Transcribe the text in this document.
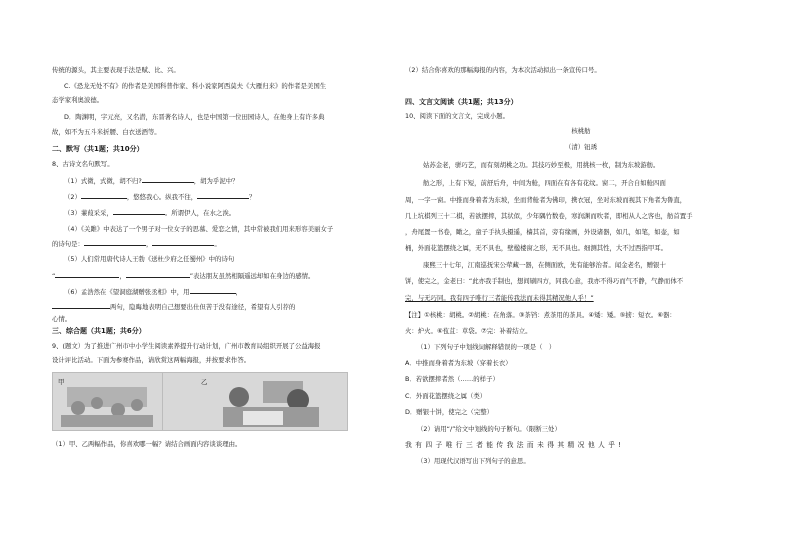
传统的源头，其主要表现手法是赋、比、兴。
C.《恐龙无处不有》的作者是美国科普作家、科小说家阿西莫夫《大雁归来》的作者是美国生
态学家利奥波德。
D．陶渊明，字元亮，又名潜，东晋著名诗人，也是中国第一位田园诗人，在他身上有许多典
故，如不为五斗米折腰、白衣送酒等。
二、默写（共1题；共10分）
8、古诗文名句默写。
（1）式微，式微，胡不归?	，胡为乎泥中？
（2）	，悠悠我心。纵我不往，	？
（3）蒹葭采采，	。所谓伊人，在水之涘。
（4）《关雎》中表达了一个男子对一位女子的思慕、爱恋之情，其中常被我们用来形容美丽女子
的诗句是：	，	。
（5）人们常用唐代诗人王勃《送杜少府之任蜀州》中的诗句
“	，	”表达朋友虽然相隔遥远却如在身边的感情。
（6）孟浩然在《望洞庭湖赠张丞相》中，用	，
两句，隐晦地表明自己想要出仕但苦于没有途径，希望有人引荐的
心情。
三、综合题（共1题；共6分）
9、(题文）为了推进广州市中小学生阅读素养提升行动计划，广州市教育局组织开展了公益海报
设计评比活动。下面为参赛作品，请欣赏这两幅海报，并按要求作答。
甲	乙
（1）甲、乙两幅作品，你喜欢哪一幅？请结合画面内容谈谈理由。
（2）结合你喜欢的那幅海报的内容，为本次活动拟出一条宣传口号。
四、文言文阅读（共1题；共13分）
10、阅读下面的文言文，完成小题。
核桃舫
（清）钮琇
姑苏金老，骈巧艺，而有刻胡桃之功。其技巧妙至极，用挑核一枚，制为东坡游舫。
舫之形，上有下短，前舒后舟，中间为舱，四面在有各有花纹。窗二，开合自如舱四面
周，一字一窗。中推而身着者为东坡，坐而背舱者为佛印，携衣冠，坐对东坡而视其下角者为鲁直，
几上坑棋列三十二棋，若欲摆摔，其状似，少年隅竹数卷，寒润渊而吹者，即相从人之客也，舫首置手
，舟尾置一书卷，瞰之，童子手执头摄遥，樯其首，旁有缘画，外设诸器，如几，如笔，如壶，如
桶，外面花篮摆绕之属，无不具也，壁楹楼窗之形，无不具也。细测其性，大不过西指甲耳。
康熙三十七年，江南巡抚宋公荦藏一器，在侧面欧，先有能够治者。闻金老名，赠银十
饼，使完之，金老曰：“此亦我手制也，想间刷四方，同我心意，我亦不得巧而气不静，气静而体不
完，与无巧同。我有四子唯行三者能传我法而未得其精况他人乎！”
【注】①核桃：胡桃。②胡桃：在角落。③茶铛：煮茶用的茶具。④矮：矮。⑤掳：短衣。⑥器：
火：炉火。⑥苞苴：草袋。⑦完：补着结立。
（1）下列句子中划线词解释错误的一项是（　）
A．中推而身着者为东坡（穿着长衣）
B．若欲摆摔者然（……的样子）
C．外面花篮摆绕之属（类）
D．赠银十饼，使完之（完整）
（2）请用“/”给文中划线的句子断句。（限断三处）
我 有 四 子 唯 行 三 者 能 传 我 法 而 未 得 其 精 况 他 人 乎 !
（3）用现代汉语写出下列句子的意思。
